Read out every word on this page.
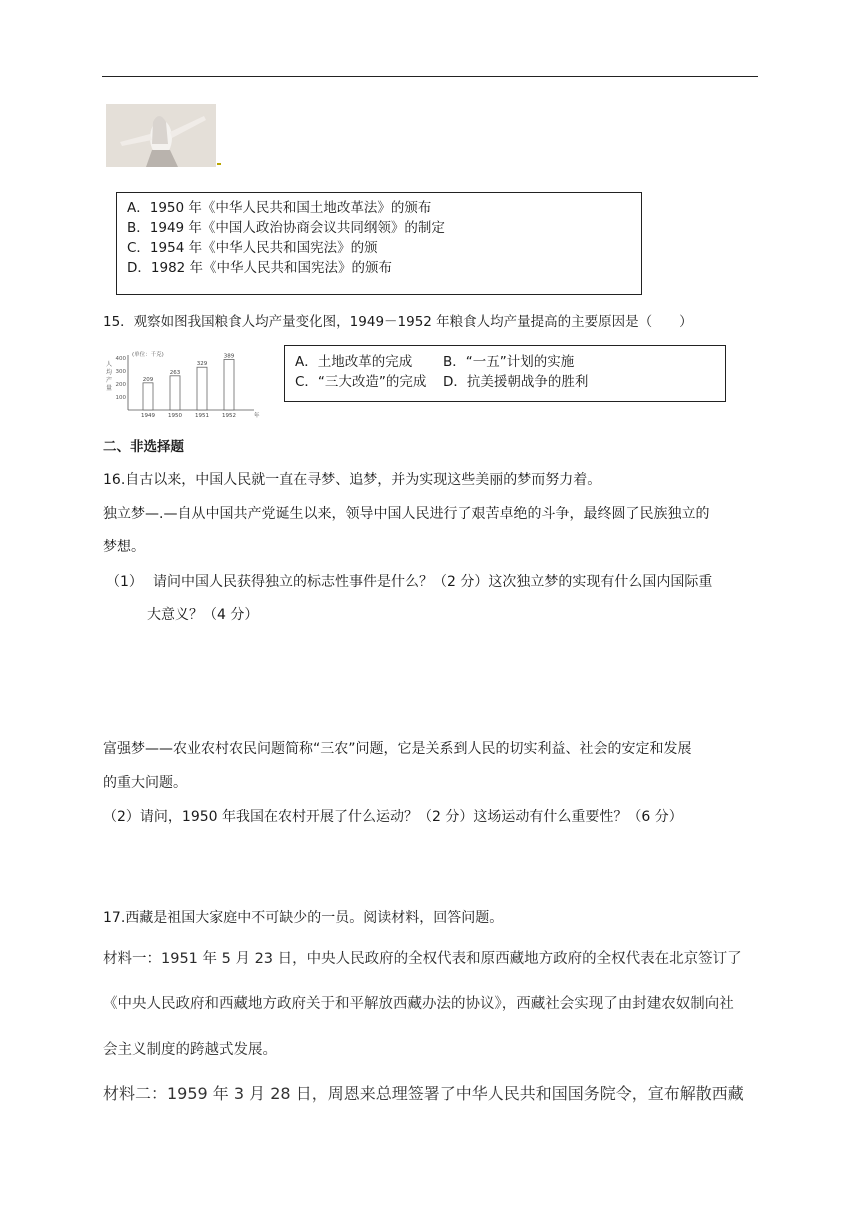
A．1950 年《中华人民共和国土地改革法》的颁布
B．1949 年《中国人政治协商会议共同纲领》的制定
C．1954 年《中华人民共和国宪法》的颁
D．1982 年《中华人民共和国宪法》的颁布
15．观察如图我国粮食人均产量变化图，1949－1952 年粮食人均产量提高的主要原因是（　　）
(单位：千克)
人
均
产
量
100
200
300
400
209
1949
263
1950
329
1951
389
1952	年
A．土地改革的完成 B．“一五”计划的实施
C．“三大改造”的完成 D．抗美援朝战争的胜利
二、非选择题
16.自古以来，中国人民就一直在寻梦、追梦，并为实现这些美丽的梦而努力着。
独立梦—.—自从中国共产党诞生以来，领导中国人民进行了艰苦卓绝的斗争，最终圆了民族独立的
梦想。
（1） 请问中国人民获得独立的标志性事件是什么？（2 分）这次独立梦的实现有什么国内国际重
大意义？（4 分）
富强梦——农业农村农民问题简称“三农”问题，它是关系到人民的切实利益、社会的安定和发展
的重大问题。
（2）请问，1950 年我国在农村开展了什么运动？（2 分）这场运动有什么重要性？（6 分）
17.西藏是祖国大家庭中不可缺少的一员。阅读材料，回答问题。
材料一：1951 年 5 月 23 日，中央人民政府的全权代表和原西藏地方政府的全权代表在北京签订了
《中央人民政府和西藏地方政府关于和平解放西藏办法的协议》，西藏社会实现了由封建农奴制向社
会主义制度的跨越式发展。
材料二：1959 年 3 月 28 日，周恩来总理签署了中华人民共和国国务院令，宣布解散西藏
